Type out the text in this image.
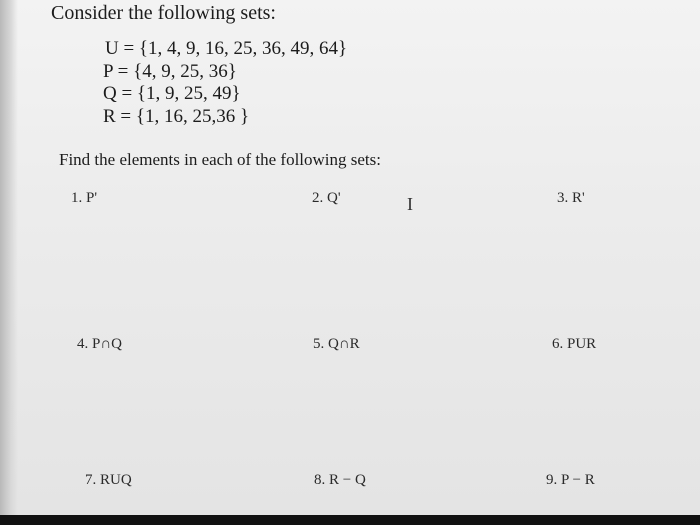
Consider the following sets:
U = {1, 4, 9, 16, 25, 36, 49, 64}
P = {4, 9, 25, 36}
Q = {1, 9, 25, 49}
R = {1, 16, 25,36 }
Find the elements in each of the following sets:
1. P'	2. Q'	3. R'
4. P∩Q	5. Q∩R	6. PUR
7. RUQ	8. R − Q	9. P − R
I
